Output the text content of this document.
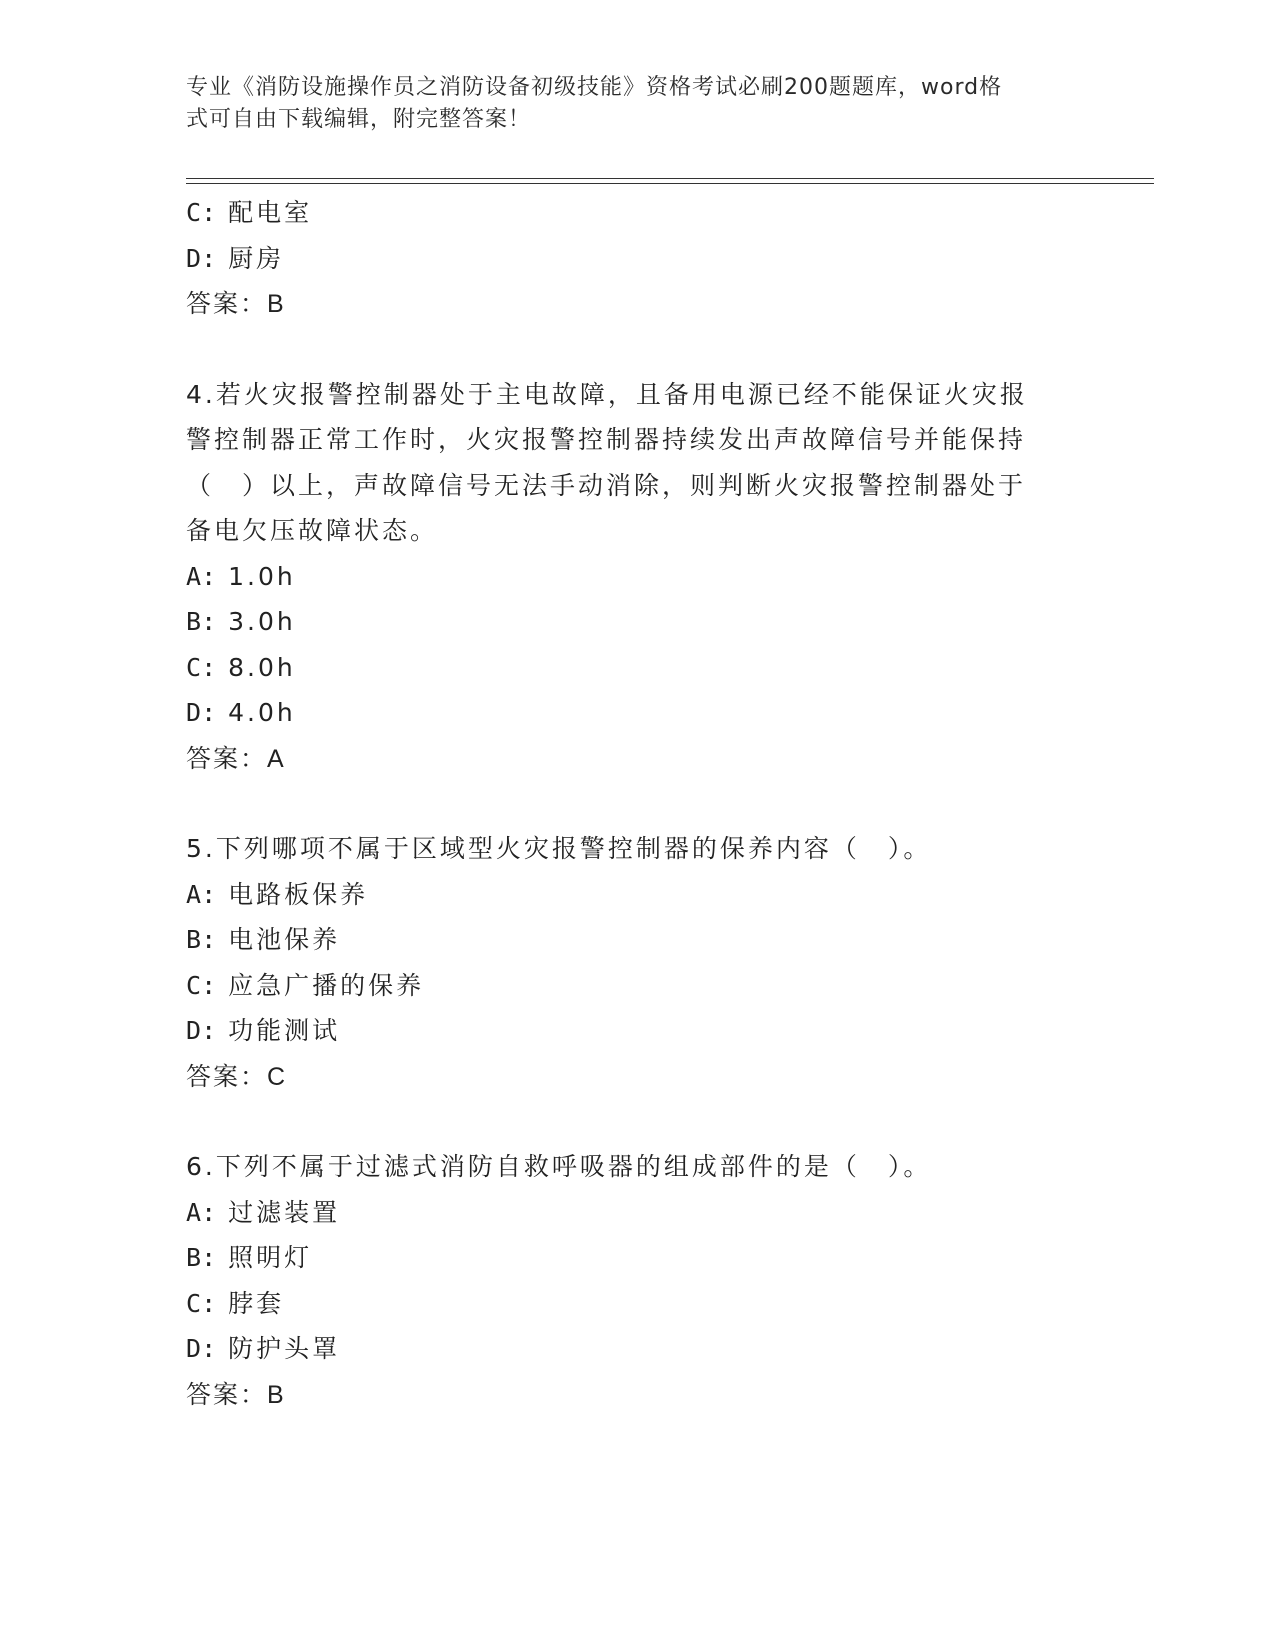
专业《消防设施操作员之消防设备初级技能》资格考试必刷200题题库，word格
式可自由下载编辑，附完整答案！
C : 配电室
D : 厨房
答案：B
4.若火灾报警控制器处于主电故障，且备用电源已经不能保证火灾报
警控制器正常工作时，火灾报警控制器持续发出声故障信号并能保持
（　）以上，声故障信号无法手动消除，则判断火灾报警控制器处于
备电欠压故障状态。
A : 1.0h
B : 3.0h
C : 8.0h
D : 4.0h
答案：A
5.下列哪项不属于区域型火灾报警控制器的保养内容（　）。
A : 电路板保养
B : 电池保养
C : 应急广播的保养
D : 功能测试
答案：C
6.下列不属于过滤式消防自救呼吸器的组成部件的是（　）。
A : 过滤装置
B : 照明灯
C : 脖套
D : 防护头罩
答案：B
